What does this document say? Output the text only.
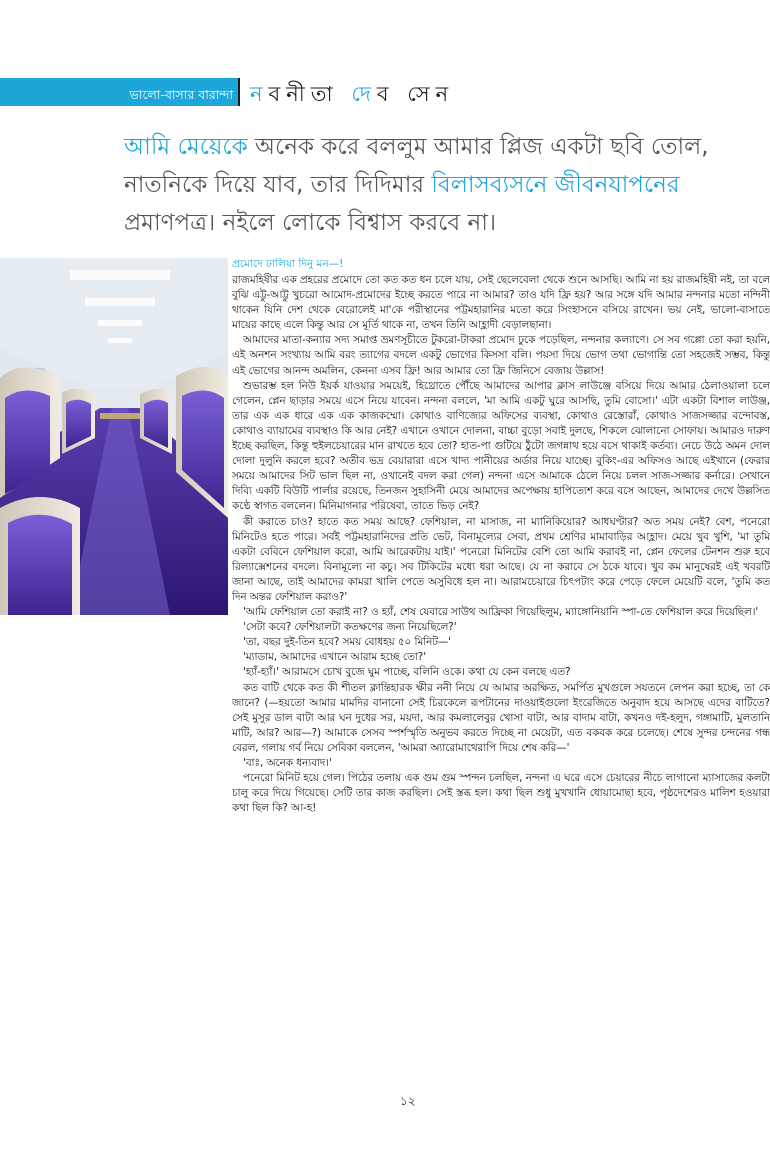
ভালো-বাসার বারান্দা নবনীতা দেব সেন
আমি মেয়েকে অনেক করে বললুম আমার প্লিজ একটা ছবি তোল, নাতনিকে দিয়ে যাব, তার দিদিমার বিলাসব্যসনে জীবনযাপনের প্রমাণপত্র। নইলে লোকে বিশ্বাস করবে না।
প্রমোদে ঢালিয়া দিনু মন—!

রাজমহিষীর এক প্রহরের প্রমোদে তো কত কত ধন চলে যায়, সেই ছেলেবেলা থেকে শুনে আসছি। আমি না হয় রাজমহিষী নই, তা বলে বুঝি এট্টু-আট্টু খুচরো আমোদ-প্রমোদের ইচ্ছে করতে পারে না আমার? তাও যদি ফ্রি হয়? আর সঙ্গে যদি আমার নন্দনার মতো নন্দিনী থাকেন যিনি দেশ থেকে বেরোলেই মা'কে পরীস্থানের পট্টমহারানির মতো করে সিংহাসনে বসিয়ে রাখেন। ভয় নেই, ভালো-বাসাতে মায়ের কাছে এলে কিন্তু আর সে মূর্তি থাকে না, তখন তিনি আহ্লাদী বেড়ালছানা।

আমাদের মাতা-কন্যার সদ্য সমাপ্ত ভ্রমণসূচীতে টুকরো-টাকরা প্রমোদ ঢুকে পড়েছিল, নন্দনার কল্যাণে। সে সব গপ্পো তো করা হয়নি, এই অনশন সংখ্যায় আমি বরং ত্যাগের বদলে একটু ভোগের কিসসা বলি। পয়সা দিয়ে ভোগ তথা ভোগান্তি তো সহজেই সম্ভব, কিন্তু এই ভোগের আনন্দ অমলিন, কেননা এসব ফ্রি! আর আমার তো ফ্রি জিনিসে বেজায় উল্লাস!

শুভারম্ভ হল নিউ ইয়র্ক যাওয়ার সময়েই, হিথ্রোতে পৌঁছে আমাদের আপার ক্লাস লাউঞ্জে বসিয়ে দিয়ে আমার ঠেলাওয়ালা চলে গেলেন, প্লেন ছাড়ার সময়ে এসে নিয়ে যাবেন। নন্দনা বললে, 'মা আমি একটু ঘুরে আসছি, তুমি বোসো।' এটা একটা বিশাল লাউঞ্জ, তার এক এক ধারে এক এক কাজকম্মো। কোথাও বাণিজ্যের অফিসের ব্যবস্থা, কোথাও রেস্তোরাঁ, কোথাও সাজসজ্জার বন্দোবস্ত, কোথাও ব্যায়ামের ব্যবস্থাও কি আর নেই? এখানে ওখানে দোলনা, বাচ্চা বুড়ো সবাই দুলছে, শিকলে ঝোলানো সোফায়। আমারও দারুণ ইচ্ছে করছিল, কিন্তু হুইলচেয়ারের মান রাখতে হবে তো? হাত-পা গুটিয়ে ঠুঁটো জগন্নাথ হয়ে বসে থাকাই কর্তব্য। নেচে উঠে অমন দোল দোলা দুলুনি করলে হবে? অতীব ভদ্র বেয়ারারা এসে খাদ্য পানীয়ের অর্ডার নিয়ে যাচ্ছে। বুকিং-এর অফিসও আছে এইখানে (ফেরার সময়ে আমাদের সিট ভাল ছিল না, ওখানেই বদল করা গেল) নন্দনা এসে আমাকে ঠেলে নিয়ে চলল সাজ-সজ্জার কর্নারে। সেখানে দিব্যি একটি বিউটি পার্লার রয়েছে, তিনজন সুহাসিনী মেয়ে আমাদের অপেক্ষায় হাপিত্যেশ করে বসে আছেন, আমাদের দেখে উল্লসিত কণ্ঠে স্বাগত বললেন। মিনিমাগনার পরিষেবা, তাতে ভিড় নেই?

কী করাতে চাও? হাতে কত সময় আছে? ফেশিয়াল, না মাসাজ, না ম্যানিকিয়োর? আধঘণ্টার? অত সময় নেই? বেশ, পনেরো মিনিটেও হতে পারে। সর্বই পট্টমহারানিদের প্রতি ভেট, বিনামূল্যের সেবা, প্রথম শ্রেণির মামাবাড়ির আহ্লাদ। মেয়ে খুব খুশি, 'মা তুমি একটা বেবিনে ফেশিয়াল করো, আমি আরেকটায় যাই।' পনেরো মিনিটের বেশি তো আমি করাবই না, প্লেন ফেলের টেনশন শুরু হবে রিল্যাক্সেশনের বদলে। বিনামূল্যে না কচু। সব টিকিটের মধ্যে ধরা আছে। যে না করাবে সে ঠকে যাবে। খুব কম মানুষেরই এই খবরটি জানা আছে, তাই আমাদের কামরা খালি পেতে অসুবিধে হল না। আরামচেয়ারে চিৎপটাং করে পেড়ে ফেলে মেয়েটি বলে, 'তুমি কত দিন অন্তর ফেশিয়াল করাও?'

'আমি ফেশিয়াল তো করাই না? ও হ্যাঁ, শেষ যেবারে সাউথ আফ্রিকা গিয়েছিলুম, ম্যাঙ্গোনিয়ানি স্পা-তে ফেশিয়াল করে দিয়েছিল।'

'সেটা কবে? ফেশিয়ালটা কতক্ষণের জন্য নিয়েছিলে?'

'তা, বছর দুই-তিন হবে? সময় বোধহয় ৫০ মিনিট—'

'ম্যাডাম, আমাদের এখানে আরাম হচ্ছে তো?'

'হ্যাঁ-হ্যাঁ।' আরামসে চোখ বুজে ঘুম পাচ্ছে, বলিনি ওকে। কথা যে কেন বলছে এত?

কত বাটি থেকে কত কী শীতল ক্লান্তিহারক ক্ষীর ননী নিয়ে যে আমার অরক্ষিত, সমর্পিত মুখগুলে সযতনে লেপন করা হচ্ছে, তা কে জানে? (—হয়তো আমার মামদির বানানো সেই চিরকেলে রূপটানের দাওয়াইগুলো ইংরেজিতে অনুবাদ হয়ে আসছে এদের বাটিতে? সেই মুসুর ডাল বাটা আর ঘন দুধের সর, ময়দা, আর কমলালেবুর খোসা বাটা, আর বাদাম বাটা, কখনও দই-হলুদ, গঙ্গামাটি, মুলতানি মাটি, আর? আর—?) আমাকে সেসব স্পর্শস্মৃতি অনুভব করতে দিচ্ছে না মেয়েটা, এত বকবক করে চলেছে। শেষে সুন্দর চন্দনের গন্ধ বেরল, গলায় গর্ব নিয়ে সেবিকা বললেন, 'আমরা অ্যারোমাথেরাপি দিয়ে শেষ করি—'

'বাঃ, অনেক ধন্যবাদ।'

পনেরো মিনিট হয়ে গেল। পিঠের তলায় এক গুম গুম স্পন্দন চলছিল, নন্দনা এ ঘরে এসে চেয়ারের নীচে লাগানো ম্যাসাজের কলটা চালু করে দিয়ে গিয়েছে। সেটি তার কাজ করছিল। সেই স্তব্ধ হল। কথা ছিল শুধু মুখখানি ধোয়ামোছা হবে, পৃষ্ঠদেশেরও মালিশ হওয়ারা কথা ছিল কি? আ-হ!

১২
